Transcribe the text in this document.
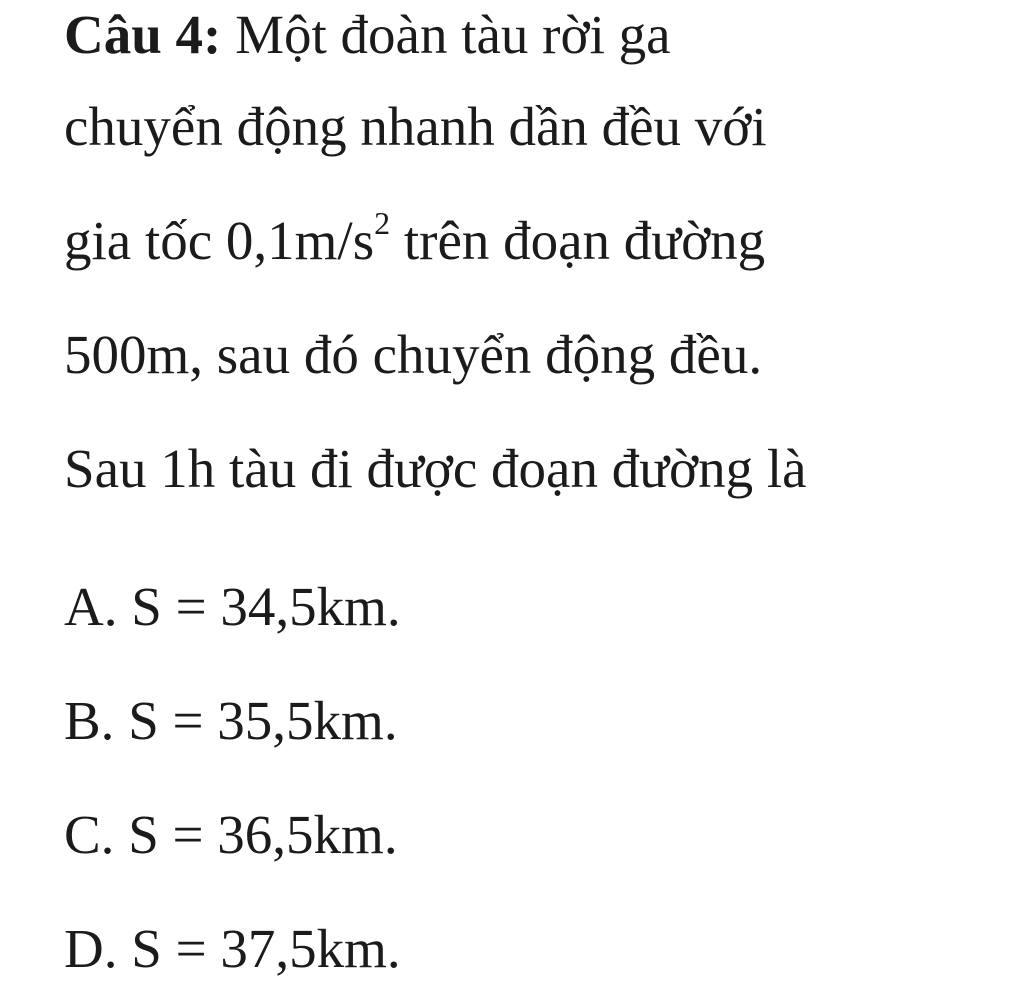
Câu 4: Một đoàn tàu rời ga

chuyển động nhanh dần đều với

gia tốc $0,1m/s^2$ trên đoạn đường

500m, sau đó chuyển động đều.

Sau 1h tàu đi được đoạn đường là

A. S = 34,5km.
B. S = 35,5km.
C. S = 36,5km.
D. S = 37,5km.
